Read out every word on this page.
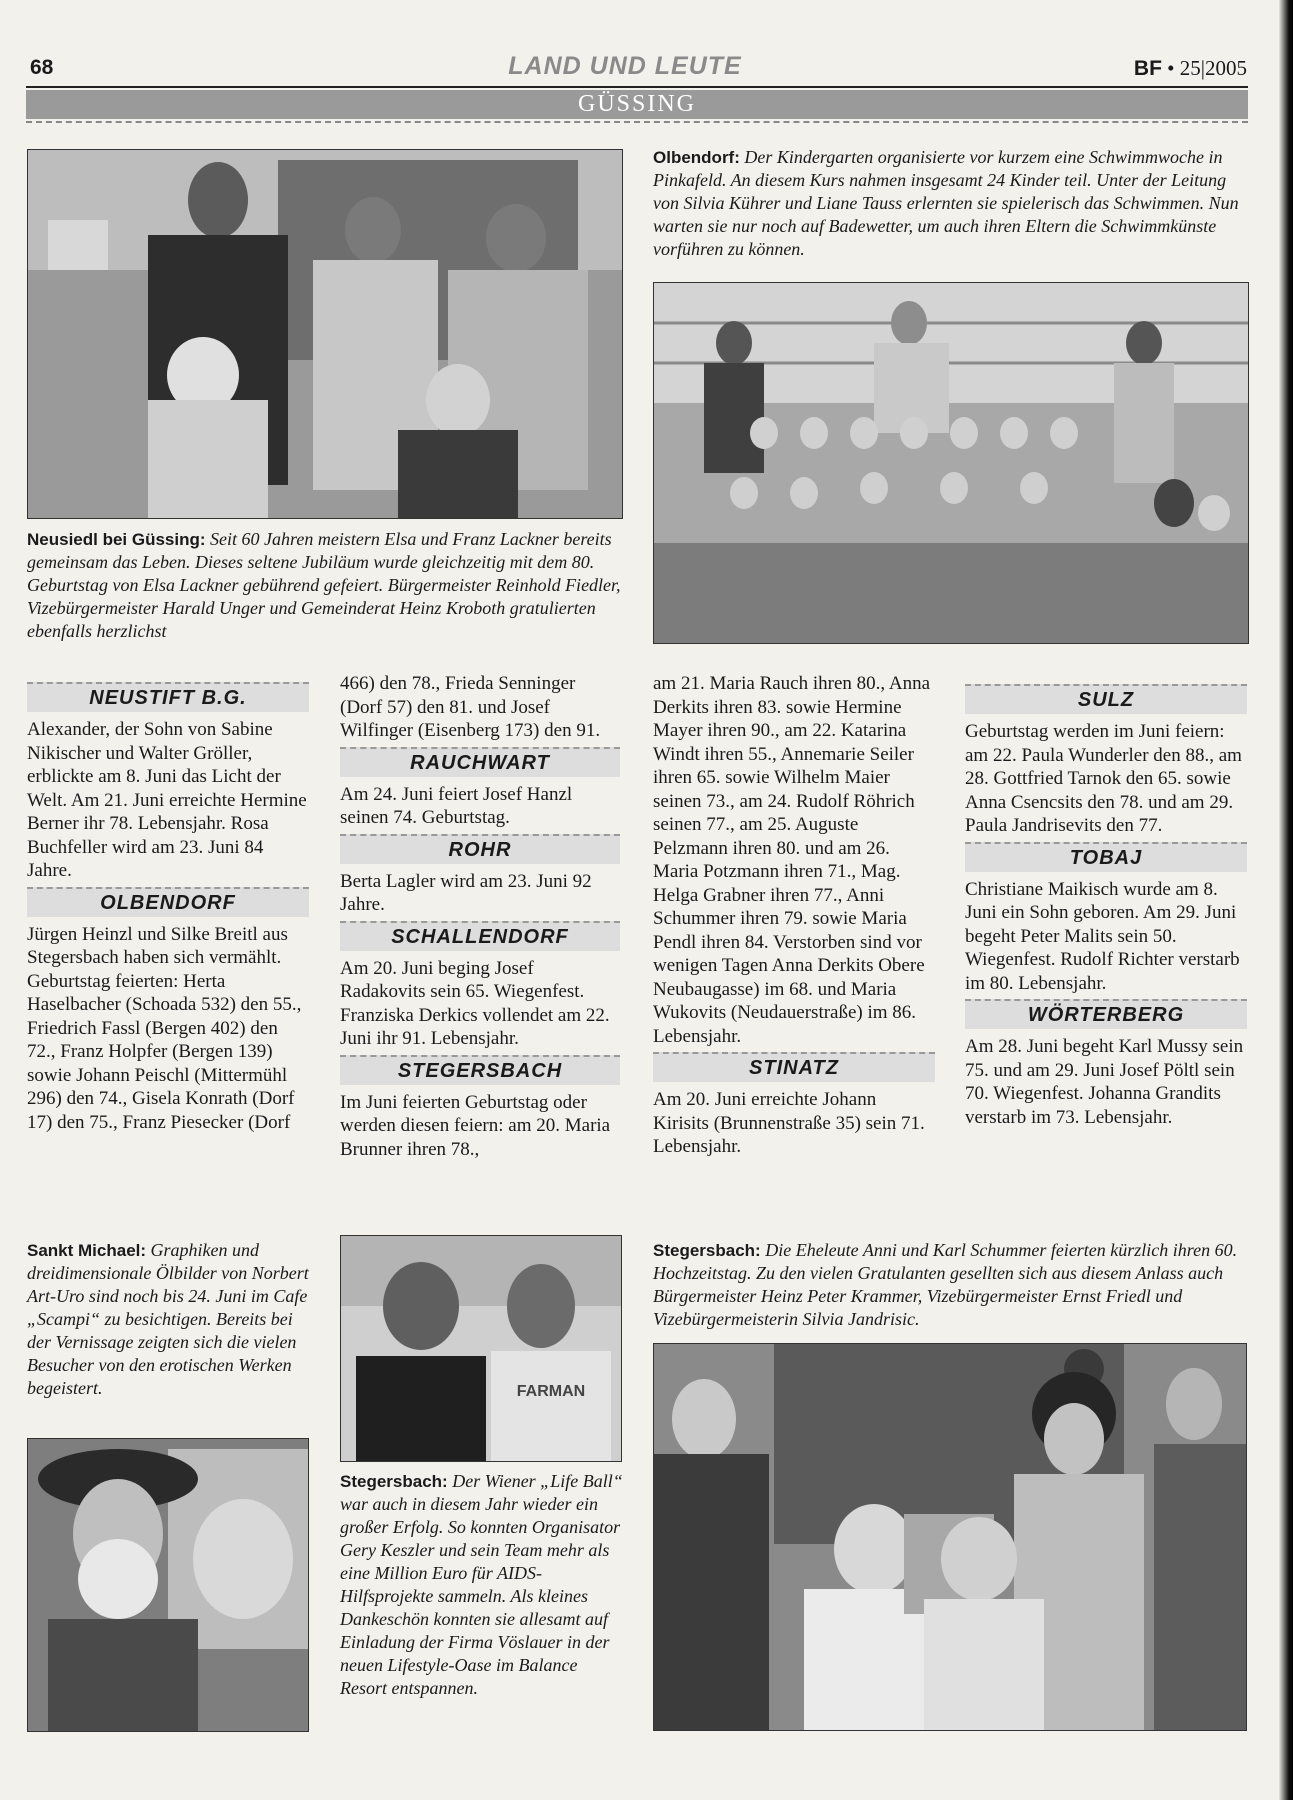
68	LAND UND LEUTE	BF • 25|2005
GÜSSING
Neusiedl bei Güssing: Seit 60 Jahren meistern Elsa und Franz Lackner bereits gemeinsam das Leben. Dieses seltene Jubiläum wurde gleichzeitig mit dem 80. Geburtstag von Elsa Lackner gebührend gefeiert. Bürgermeister Reinhold Fiedler, Vizebürgermeister Harald Unger und Gemeinderat Heinz Kroboth gratulierten ebenfalls herzlichst
Olbendorf: Der Kindergarten organisierte vor kurzem eine Schwimmwoche in Pinkafeld. An diesem Kurs nahmen insgesamt 24 Kinder teil. Unter der Leitung von Silvia Kührer und Liane Tauss erlernten sie spielerisch das Schwimmen. Nun warten sie nur noch auf Badewetter, um auch ihren Eltern die Schwimmkünste vorführen zu können.
NEUSTIFT B.G.

Alexander, der Sohn von Sabine Nikischer und Walter Gröller, erblickte am 8. Juni das Licht der Welt. Am 21. Juni erreichte Hermine Berner ihr 78. Lebensjahr. Rosa Buchfeller wird am 23. Juni 84 Jahre.

OLBENDORF

Jürgen Heinzl und Silke Breitl aus Stegersbach haben sich vermählt. Geburtstag feierten: Herta Haselbacher (Schoada 532) den 55., Friedrich Fassl (Bergen 402) den 72., Franz Holpfer (Bergen 139) sowie Johann Peischl (Mittermühl 296) den 74., Gisela Konrath (Dorf 17) den 75., Franz Piesecker (Dorf

466) den 78., Frieda Senninger (Dorf 57) den 81. und Josef Wilfinger (Eisenberg 173) den 91.

RAUCHWART

Am 24. Juni feiert Josef Hanzl seinen 74. Geburtstag.

ROHR

Berta Lagler wird am 23. Juni 92 Jahre.

SCHALLENDORF

Am 20. Juni beging Josef Radakovits sein 65. Wiegenfest. Franziska Derkics vollendet am 22. Juni ihr 91. Lebensjahr.

STEGERSBACH

Im Juni feierten Geburtstag oder werden diesen feiern: am 20. Maria Brunner ihren 78.,

am 21. Maria Rauch ihren 80., Anna Derkits ihren 83. sowie Hermine Mayer ihren 90., am 22. Katarina Windt ihren 55., Annemarie Seiler ihren 65. sowie Wilhelm Maier seinen 73., am 24. Rudolf Röhrich seinen 77., am 25. Auguste Pelzmann ihren 80. und am 26. Maria Potzmann ihren 71., Mag. Helga Grabner ihren 77., Anni Schummer ihren 79. sowie Maria Pendl ihren 84. Verstorben sind vor wenigen Tagen Anna Derkits Obere Neubaugasse) im 68. und Maria Wukovits (Neudauerstraße) im 86. Lebensjahr.

STINATZ

Am 20. Juni erreichte Johann Kirisits (Brunnenstraße 35) sein 71. Lebensjahr.

SULZ

Geburtstag werden im Juni feiern: am 22. Paula Wunderler den 88., am 28. Gottfried Tarnok den 65. sowie Anna Csencsits den 78. und am 29. Paula Jandrisevits den 77.

TOBAJ

Christiane Maikisch wurde am 8. Juni ein Sohn geboren. Am 29. Juni begeht Peter Malits sein 50. Wiegenfest. Rudolf Richter verstarb im 80. Lebensjahr.

WÖRTERBERG

Am 28. Juni begeht Karl Mussy sein 75. und am 29. Juni Josef Pöltl sein 70. Wiegenfest. Johanna Grandits verstarb im 73. Lebensjahr.

Sankt Michael: Graphiken und dreidimensionale Ölbilder von Norbert Art-Uro sind noch bis 24. Juni im Cafe „Scampi“ zu besichtigen. Bereits bei der Vernissage zeigten sich die vielen Besucher von den erotischen Werken begeistert.	FARMAN
Stegersbach: Der Wiener „Life Ball“ war auch in diesem Jahr wieder ein großer Erfolg. So konnten Organisator Gery Keszler und sein Team mehr als eine Million Euro für AIDS-Hilfsprojekte sammeln. Als kleines Dankeschön konnten sie allesamt auf Einladung der Firma Vöslauer in der neuen Lifestyle-Oase im Balance Resort entspannen.
Stegersbach: Die Eheleute Anni und Karl Schummer feierten kürzlich ihren 60. Hochzeitstag. Zu den vielen Gratulanten gesellten sich aus diesem Anlass auch Bürgermeister Heinz Peter Krammer, Vizebürgermeister Ernst Friedl und Vizebürgermeisterin Silvia Jandrisic.
